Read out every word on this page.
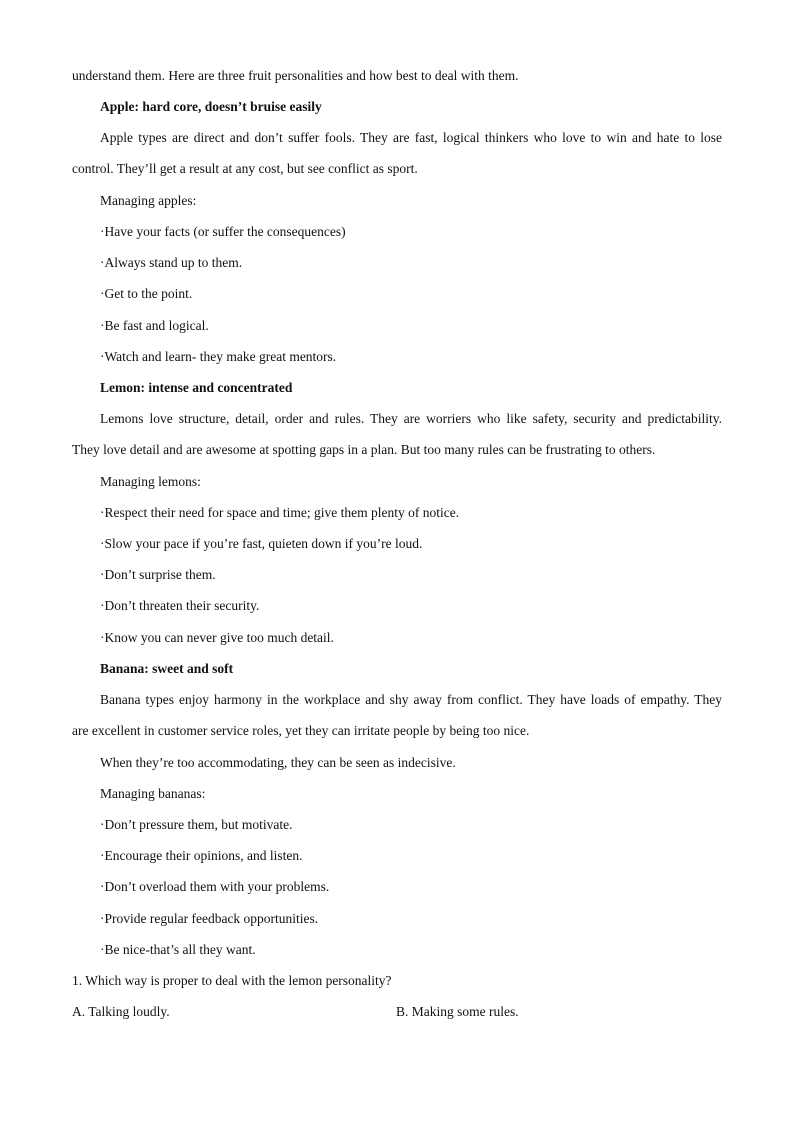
understand them. Here are three fruit personalities and how best to deal with them.
Apple: hard core, doesn’t bruise easily
Apple types are direct and don’t suffer fools. They are fast, logical thinkers who love to win and hate to lose
control. They’ll get a result at any cost, but see conflict as sport.
Managing apples:
·Have your facts (or suffer the consequences)
·Always stand up to them.
·Get to the point.
·Be fast and logical.
·Watch and learn- they make great mentors.
Lemon: intense and concentrated
Lemons love structure, detail, order and rules. They are worriers who like safety, security and predictability.
They love detail and are awesome at spotting gaps in a plan. But too many rules can be frustrating to others.
Managing lemons:
·Respect their need for space and time; give them plenty of notice.
·Slow your pace if you’re fast, quieten down if you’re loud.
·Don’t surprise them.
·Don’t threaten their security.
·Know you can never give too much detail.
Banana: sweet and soft
Banana types enjoy harmony in the workplace and shy away from conflict. They have loads of empathy. They
are excellent in customer service roles, yet they can irritate people by being too nice.
When they’re too accommodating, they can be seen as indecisive.
Managing bananas:
·Don’t pressure them, but motivate.
·Encourage their opinions, and listen.
·Don’t overload them with your problems.
·Provide regular feedback opportunities.
·Be nice-that’s all they want.
1. Which way is proper to deal with the lemon personality?
A. Talking loudly.	B. Making some rules.
